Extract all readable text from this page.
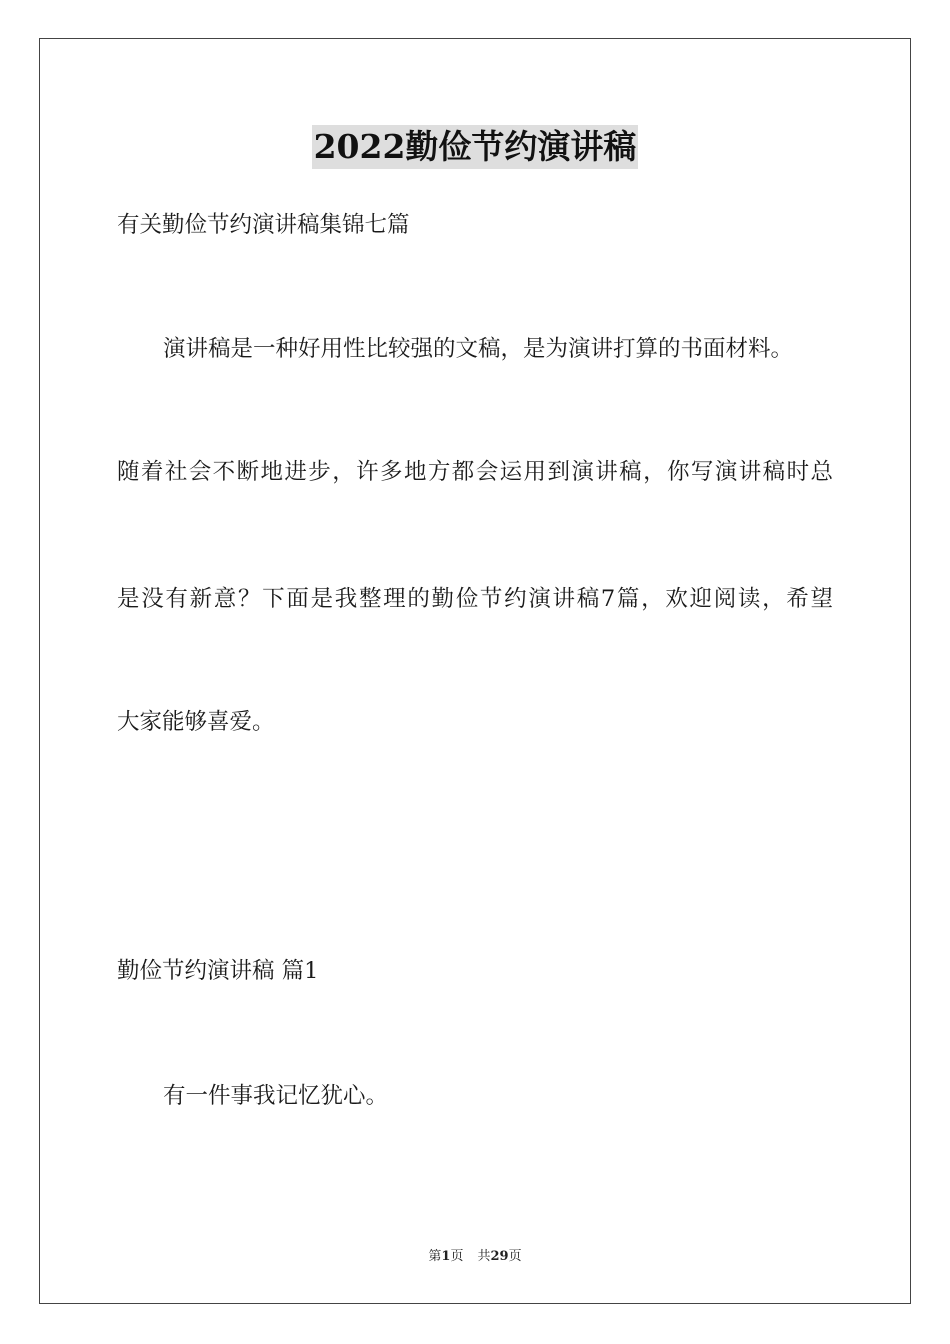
2022勤俭节约演讲稿
有关勤俭节约演讲稿集锦七篇
演讲稿是一种好用性比较强的文稿，是为演讲打算的书面材料。
随着社会不断地进步，许多地方都会运用到演讲稿，你写演讲稿时总
是没有新意？下面是我整理的勤俭节约演讲稿7篇，欢迎阅读，希望
大家能够喜爱。
勤俭节约演讲稿 篇1
有一件事我记忆犹心。
第1页 共29页
